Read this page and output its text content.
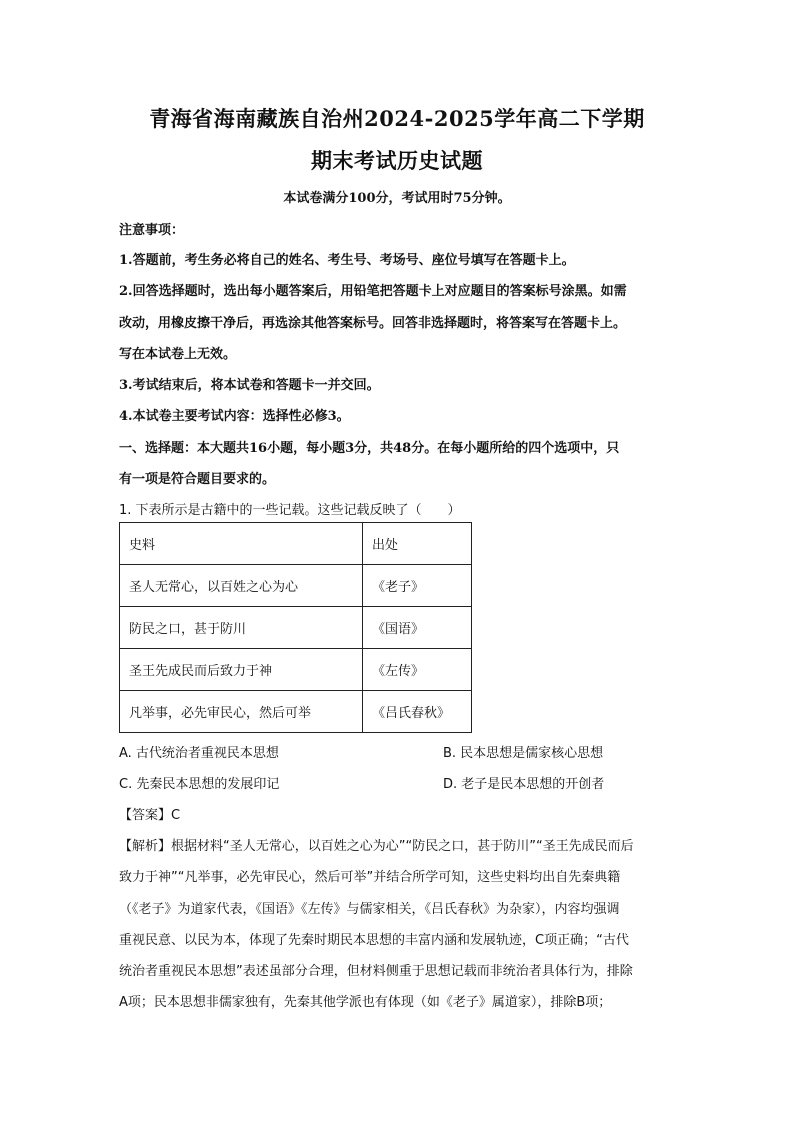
青海省海南藏族自治州2024-2025学年高二下学期
期末考试历史试题
本试卷满分100分，考试用时75分钟。
注意事项：
1.答题前，考生务必将自己的姓名、考生号、考场号、座位号填写在答题卡上。
2.回答选择题时，选出每小题答案后，用铅笔把答题卡上对应题目的答案标号涂黑。如需
改动，用橡皮擦干净后，再选涂其他答案标号。回答非选择题时，将答案写在答题卡上。
写在本试卷上无效。
3.考试结束后，将本试卷和答题卡一并交回。
4.本试卷主要考试内容：选择性必修3。
一、选择题：本大题共16小题，每小题3分，共48分。在每小题所给的四个选项中，只
有一项是符合题目要求的。
1. 下表所示是古籍中的一些记载。这些记载反映了（　　）
史料	出处
圣人无常心，以百姓之心为心	《老子》
防民之口，甚于防川	《国语》
圣王先成民而后致力于神	《左传》
凡举事，必先审民心，然后可举	《吕氏春秋》
A. 古代统治者重视民本思想	B. 民本思想是儒家核心思想
C. 先秦民本思想的发展印记	D. 老子是民本思想的开创者
【答案】C
【解析】根据材料“圣人无常心，以百姓之心为心”“防民之口，甚于防川”“圣王先成民而后
致力于神”“凡举事，必先审民心，然后可举”并结合所学可知，这些史料均出自先秦典籍
（《老子》为道家代表，《国语》《左传》与儒家相关，《吕氏春秋》为杂家），内容均强调
重视民意、以民为本，体现了先秦时期民本思想的丰富内涵和发展轨迹，C项正确；“古代
统治者重视民本思想”表述虽部分合理，但材料侧重于思想记载而非统治者具体行为，排除
A项；民本思想非儒家独有，先秦其他学派也有体现（如《老子》属道家），排除B项；
